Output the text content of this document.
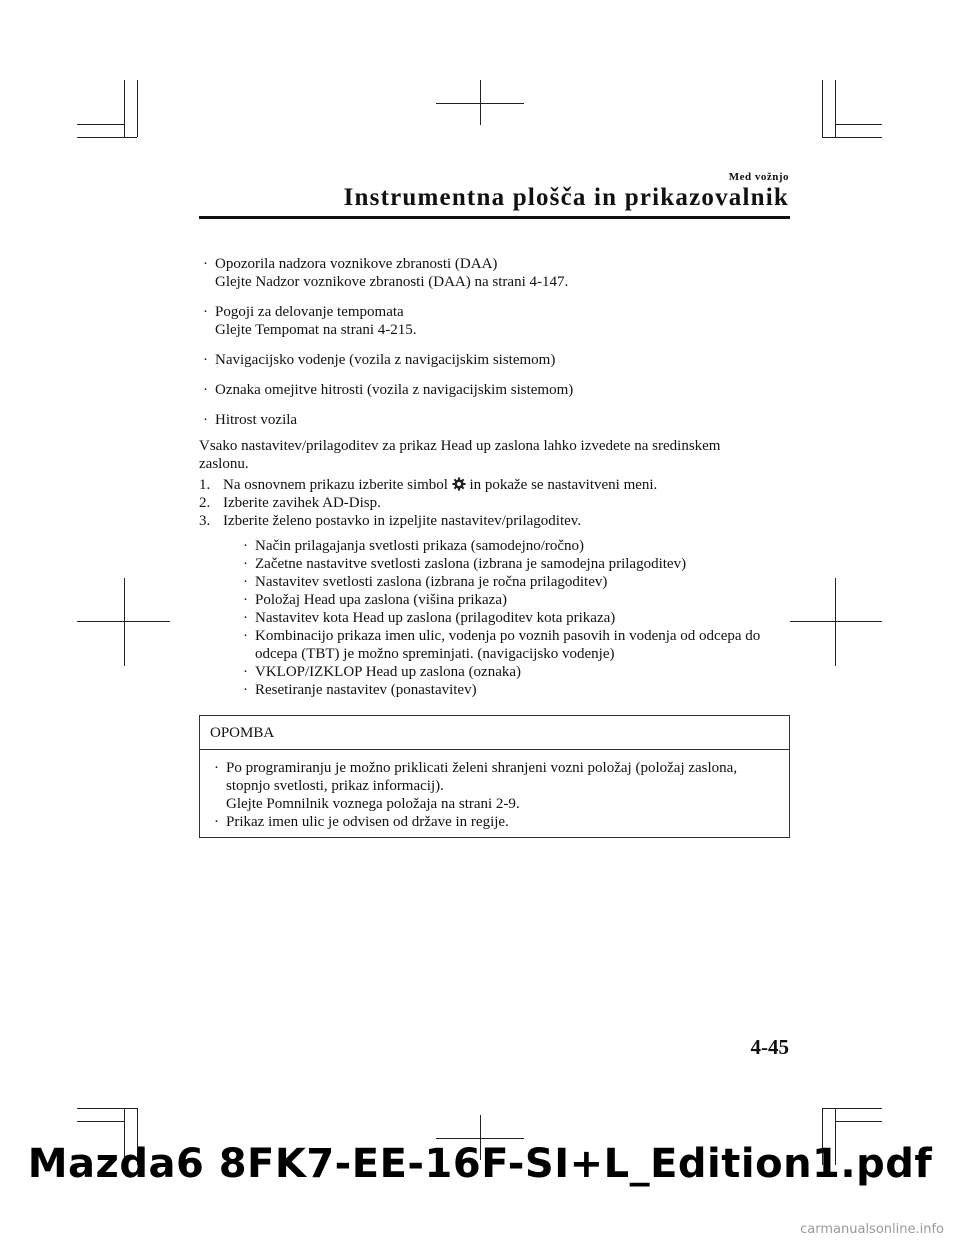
Med vožnjo
Instrumentna plošča in prikazovalnik
· Opozorila nadzora voznikove zbranosti (DAA)
Glejte Nadzor voznikove zbranosti (DAA) na strani 4-147.
· Pogoji za delovanje tempomata
Glejte Tempomat na strani 4-215.
· Navigacijsko vodenje (vozila z navigacijskim sistemom)
· Oznaka omejitve hitrosti (vozila z navigacijskim sistemom)
· Hitrost vozila
Vsako nastavitev/prilagoditev za prikaz Head up zaslona lahko izvedete na sredinskem
zaslonu.
1. Na osnovnem prikazu izberite simbol in pokaže se nastavitveni meni.
2. Izberite zavihek AD-Disp.
3. Izberite želeno postavko in izpeljite nastavitev/prilagoditev.
· Način prilagajanja svetlosti prikaza (samodejno/ročno)
· Začetne nastavitve svetlosti zaslona (izbrana je samodejna prilagoditev)
· Nastavitev svetlosti zaslona (izbrana je ročna prilagoditev)
· Položaj Head upa zaslona (višina prikaza)
· Nastavitev kota Head up zaslona (prilagoditev kota prikaza)
· Kombinacijo prikaza imen ulic, vodenja po voznih pasovih in vodenja od odcepa do
odcepa (TBT) je možno spreminjati. (navigacijsko vodenje)
· VKLOP/IZKLOP Head up zaslona (oznaka)
· Resetiranje nastavitev (ponastavitev)
OPOMBA
· Po programiranju je možno priklicati želeni shranjeni vozni položaj (položaj zaslona,
stopnjo svetlosti, prikaz informacij).
Glejte Pomnilnik voznega položaja na strani 2-9.
· Prikaz imen ulic je odvisen od države in regije.
4-45
Mazda6 8FK7-EE-16F-SI+L_Edition1.pdf
carmanualsonline.info
